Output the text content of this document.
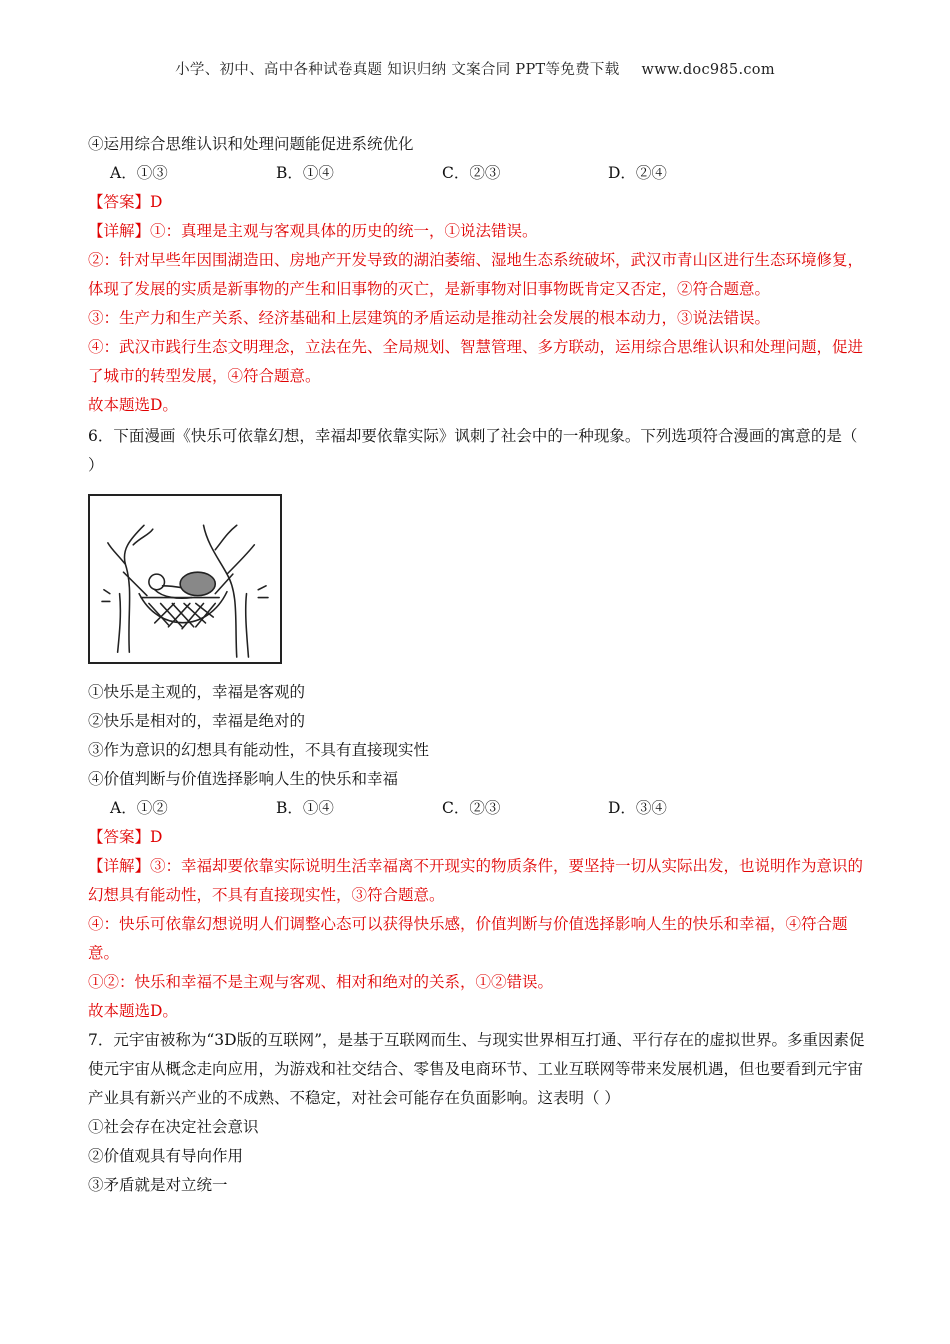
小学、初中、高中各种试卷真题 知识归纳 文案合同 PPT等免费下载 www.doc985.com
④运用综合思维认识和处理问题能促进系统优化
A．①③	B．①④	C．②③	D．②④
【答案】D
【详解】①：真理是主观与客观具体的历史的统一，①说法错误。
②：针对早些年因围湖造田、房地产开发导致的湖泊萎缩、湿地生态系统破坏，武汉市青山区进行生态环境修复，体现了发展的实质是新事物的产生和旧事物的灭亡，是新事物对旧事物既肯定又否定，②符合题意。
③：生产力和生产关系、经济基础和上层建筑的矛盾运动是推动社会发展的根本动力，③说法错误。
④：武汉市践行生态文明理念，立法在先、全局规划、智慧管理、多方联动，运用综合思维认识和处理问题，促进了城市的转型发展，④符合题意。
故本题选D。
6．下面漫画《快乐可依靠幻想，幸福却要依靠实际》讽刺了社会中的一种现象。下列选项符合漫画的寓意的是（ ）
①快乐是主观的，幸福是客观的
②快乐是相对的，幸福是绝对的
③作为意识的幻想具有能动性，不具有直接现实性
④价值判断与价值选择影响人生的快乐和幸福
A．①②	B．①④	C．②③	D．③④
【答案】D
【详解】③：幸福却要依靠实际说明生活幸福离不开现实的物质条件，要坚持一切从实际出发，也说明作为意识的幻想具有能动性，不具有直接现实性，③符合题意。
④：快乐可依靠幻想说明人们调整心态可以获得快乐感，价值判断与价值选择影响人生的快乐和幸福，④符合题意。
①②：快乐和幸福不是主观与客观、相对和绝对的关系，①②错误。
故本题选D。
7．元宇宙被称为“3D版的互联网”，是基于互联网而生、与现实世界相互打通、平行存在的虚拟世界。多重因素促使元宇宙从概念走向应用，为游戏和社交结合、零售及电商环节、工业互联网等带来发展机遇，但也要看到元宇宙产业具有新兴产业的不成熟、不稳定，对社会可能存在负面影响。这表明（ ）
①社会存在决定社会意识
②价值观具有导向作用
③矛盾就是对立统一
